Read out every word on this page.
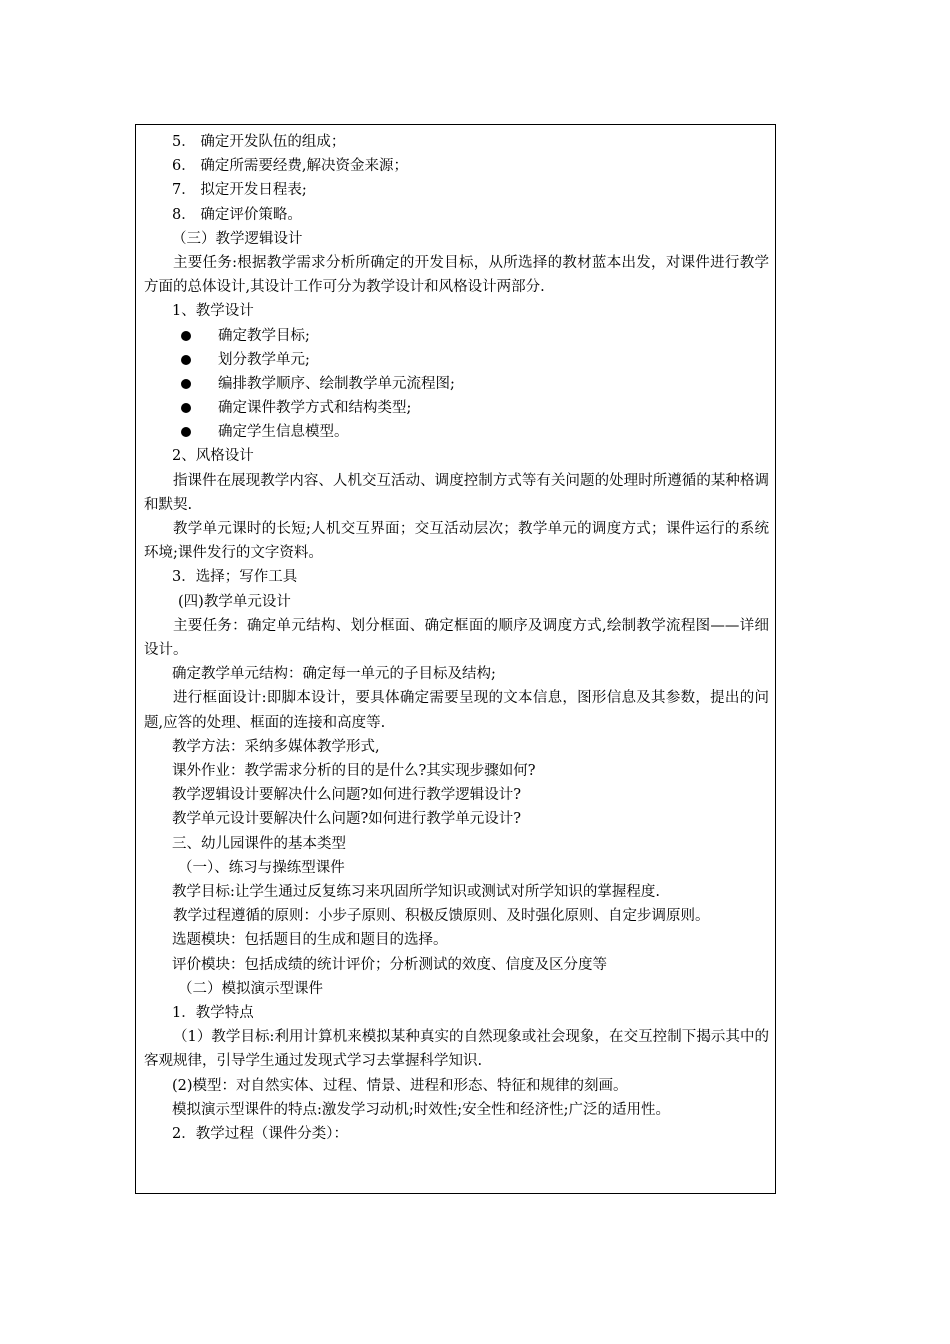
5． 确定开发队伍的组成；
6． 确定所需要经费,解决资金来源；
7． 拟定开发日程表;
8． 确定评价策略。
（三）教学逻辑设计
主要任务:根据教学需求分析所确定的开发目标，从所选择的教材蓝本出发，对课件进行教学方面的总体设计,其设计工作可分为教学设计和风格设计两部分.
1、教学设计
确定教学目标;
划分教学单元;
编排教学顺序、绘制教学单元流程图;
确定课件教学方式和结构类型;
确定学生信息模型。
2、风格设计
指课件在展现教学内容、人机交互活动、调度控制方式等有关问题的处理时所遵循的某种格调和默契.
教学单元课时的长短;人机交互界面；交互活动层次；教学单元的调度方式；课件运行的系统环境;课件发行的文字资料。
3．选择；写作工具
(四)教学单元设计
主要任务：确定单元结构、划分框面、确定框面的顺序及调度方式,绘制教学流程图——详细设计。
确定教学单元结构：确定每一单元的子目标及结构;
进行框面设计:即脚本设计，要具体确定需要呈现的文本信息，图形信息及其参数，提出的问题,应答的处理、框面的连接和高度等.
教学方法：采纳多媒体教学形式,
课外作业：教学需求分析的目的是什么?其实现步骤如何?
教学逻辑设计要解决什么问题?如何进行教学逻辑设计?
教学单元设计要解决什么问题?如何进行教学单元设计?
三、幼儿园课件的基本类型
（一）、练习与操练型课件
教学目标:让学生通过反复练习来巩固所学知识或测试对所学知识的掌握程度.
教学过程遵循的原则：小步子原则、积极反馈原则、及时强化原则、自定步调原则。
选题模块：包括题目的生成和题目的选择。
评价模块：包括成绩的统计评价；分析测试的效度、信度及区分度等
（二）模拟演示型课件
1．教学特点
（1）教学目标:利用计算机来模拟某种真实的自然现象或社会现象，在交互控制下揭示其中的客观规律，引导学生通过发现式学习去掌握科学知识.
(2)模型：对自然实体、过程、情景、进程和形态、特征和规律的刻画。
模拟演示型课件的特点:激发学习动机;时效性;安全性和经济性;广泛的适用性。
2．教学过程（课件分类）：
